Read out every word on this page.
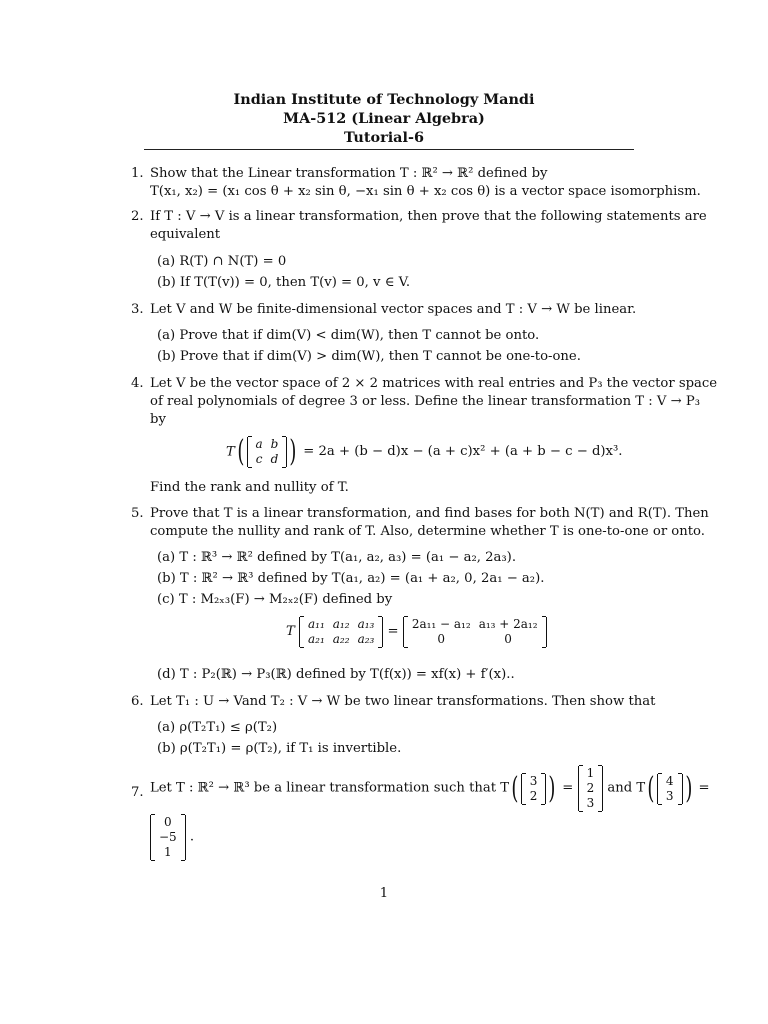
Indian Institute of Technology Mandi
MA-512 (Linear Algebra)
Tutorial-6
1. Show that the Linear transformation T : ℝ² → ℝ² defined by
T(x₁, x₂) = (x₁ cos θ + x₂ sin θ, −x₁ sin θ + x₂ cos θ) is a vector space isomorphism.
2. If T : V → V is a linear transformation, then prove that the following statements are
equivalent
(a) R(T) ∩ N(T) = 0
(b) If T(T(v)) = 0, then T(v) = 0, v ∈ V.
3. Let V and W be finite-dimensional vector spaces and T : V → W be linear.
(a) Prove that if dim(V) < dim(W), then T cannot be onto.
(b) Prove that if dim(V) > dim(W), then T cannot be one-to-one.
4. Let V be the vector space of 2 × 2 matrices with real entries and P₃ the vector space
of real polynomials of degree 3 or less. Define the linear transformation T : V → P₃
by
T( a	b
c	d ) = 2a + (b − d)x − (a + c)x² + (a + b − c − d)x³.
Find the rank and nullity of T.
5. Prove that T is a linear transformation, and find bases for both N(T) and R(T). Then
compute the nullity and rank of T. Also, determine whether T is one-to-one or onto.
(a) T : ℝ³ → ℝ² defined by T(a₁, a₂, a₃) = (a₁ − a₂, 2a₃).
(b) T : ℝ² → ℝ³ defined by T(a₁, a₂) = (a₁ + a₂, 0, 2a₁ − a₂).
(c) T : M₂ₓ₃(F) → M₂ₓ₂(F) defined by
T a₁₁	a₁₂	a₁₃
a₂₁	a₂₂	a₂₃ = 2a₁₁ − a₁₂	a₁₃ + 2a₁₂
0	0
(d) T : P₂(ℝ) → P₃(ℝ) defined by T(f(x)) = xf(x) + f′(x)..
6. Let T₁ : U → Vand T₂ : V → W be two linear transformations. Then show that
(a) ρ(T₂T₁) ≤ ρ(T₂)
(b) ρ(T₂T₁) = ρ(T₂), if T₁ is invertible.
7. Let T : ℝ² → ℝ³ be a linear transformation such that T( 3
2 ) =
1
2
3
and T( 4
3 ) =
0
−5
1
.
1
